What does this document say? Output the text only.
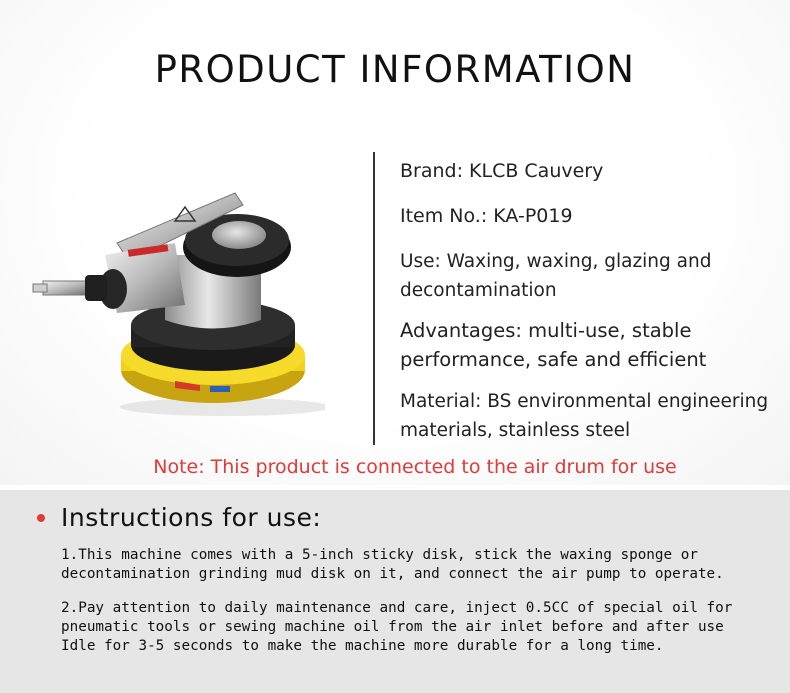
PRODUCT INFORMATION
Brand: KLCB Cauvery
Item No.: KA-P019
Use: Waxing, waxing, glazing and
decontamination
Advantages: multi-use, stable
performance, safe and efficient
Material: BS environmental engineering
materials, stainless steel
Note: This product is connected to the air drum for use
Instructions for use:
1.This machine comes with a 5-inch sticky disk, stick the waxing sponge or
decontamination grinding mud disk on it, and connect the air pump to operate.
2.Pay attention to daily maintenance and care, inject 0.5CC of special oil for
pneumatic tools or sewing machine oil from the air inlet before and after use
Idle for 3-5 seconds to make the machine more durable for a long time.
